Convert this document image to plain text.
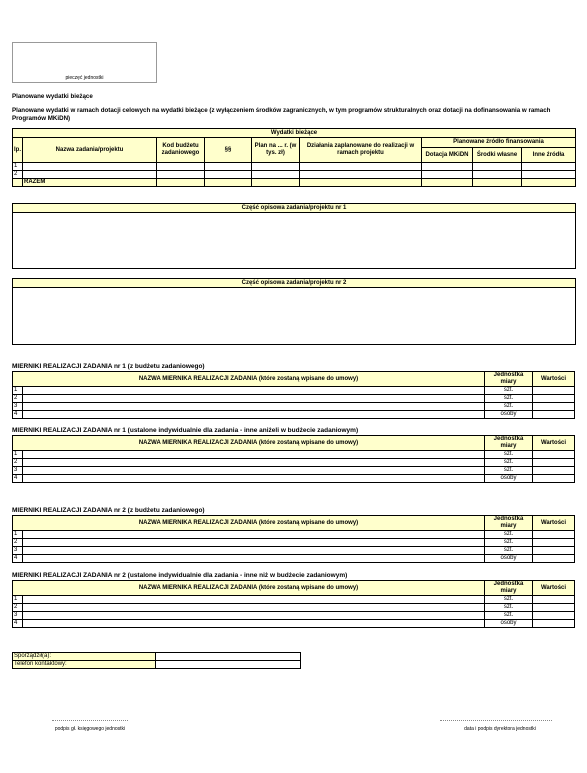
pieczęć jednostki
Planowane wydatki bieżące
Planowane wydatki w ramach dotacji celowych na wydatki bieżące (z wyłączeniem środków zagranicznych, w tym programów strukturalnych oraz dotacji na dofinansowania w ramach Programów MKiDN)
Wydatki bieżące								
lp.	Nazwa zadania/projektu	Kod budżetu zadaniowego	§§	Plan na ... r. (w tys. zł)	Działania zaplanowane do realizacji w ramach projektu	Planowane źródło finansowania		
						Dotacja MKiDN	Środki własne	Inne źródła
1								
2								
	RAZEM							
Część opisowa zadania/projektu nr 1
Część opisowa zadania/projektu nr 2
MIERNIKI REALIZACJI ZADANIA nr 1 (z budżetu zadaniowego)
NAZWA MIERNIKA REALIZACJI ZADANIA (które zostaną wpisane do umowy)		Jednostka miary	Wartości
1		szt.	
2		szt.	
3		szt.	
4		osoby	
MIERNIKI REALIZACJI ZADANIA nr 1 (ustalone indywidualnie dla zadania - inne aniżeli w budżecie zadaniowym)
NAZWA MIERNIKA REALIZACJI ZADANIA (które zostaną wpisane do umowy)		Jednostka miary	Wartości
1		szt.	
2		szt.	
3		szt.	
4		osoby	
MIERNIKI REALIZACJI ZADANIA nr 2 (z budżetu zadaniowego)
NAZWA MIERNIKA REALIZACJI ZADANIA (które zostaną wpisane do umowy)		Jednostka miary	Wartości
1		szt.	
2		szt.	
3		szt.	
4		osoby	
MIERNIKI REALIZACJI ZADANIA nr 2 (ustalone indywidualnie dla zadania - inne niż w budżecie zadaniowym)
NAZWA MIERNIKA REALIZACJI ZADANIA (które zostaną wpisane do umowy)		Jednostka miary	Wartości
1		szt.	
2		szt.	
3		szt.	
4		osoby	
Sporządził(a):	
Telefon kontaktowy:	
podpis gł. księgowego jednostki	data i podpis dyrektora jednostki
